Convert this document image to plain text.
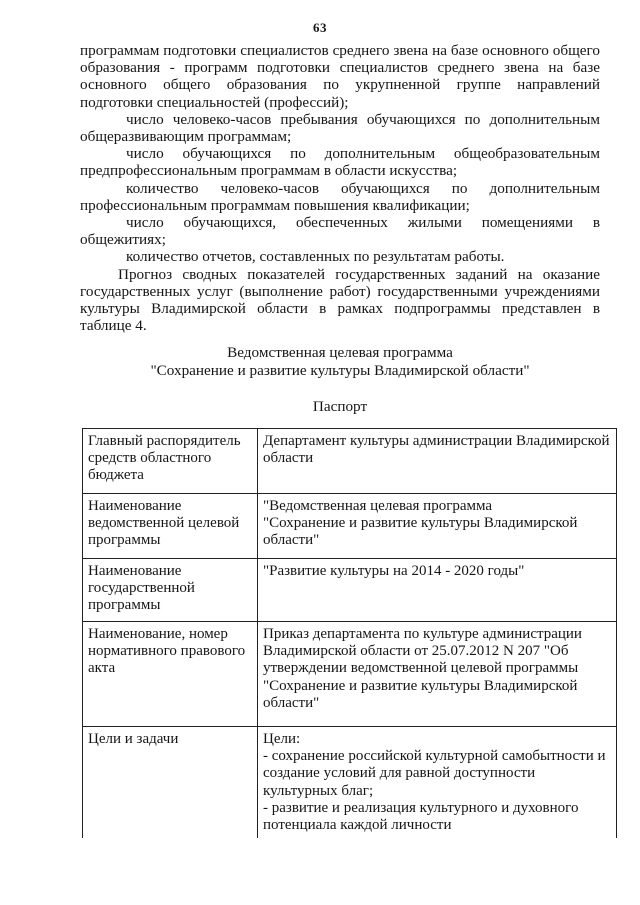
63

программам подготовки специалистов среднего звена на базе основного общего образования - программ подготовки специалистов среднего звена на базе основного общего образования по укрупненной группе направлений подготовки специальностей (профессий);

число человеко-часов пребывания обучающихся по дополнительным общеразвивающим программам;

число обучающихся по дополнительным общеобразовательным предпрофессиональным программам в области искусства;

количество человеко-часов обучающихся по дополнительным профессиональным программам повышения квалификации;

число обучающихся, обеспеченных жилыми помещениями в общежитиях;

количество отчетов, составленных по результатам работы.

Прогноз сводных показателей государственных заданий на оказание государственных услуг (выполнение работ) государственными учреждениями культуры Владимирской области в рамках подпрограммы представлен в таблице 4.

Ведомственная целевая программа
"Сохранение и развитие культуры Владимирской области"
Паспорт
Главный распорядитель средств областного бюджета	Департамент культуры администрации Владимирской области

Наименование ведомственной целевой программы	"Ведомственная целевая программа
"Сохранение и развитие культуры Владимирской области"

Наименование государственной программы	"Развитие культуры на 2014 - 2020 годы"

Наименование, номер нормативного правового акта	Приказ департамента по культуре администрации Владимирской области от 25.07.2012 N 207 "Об утверждении ведомственной целевой программы
"Сохранение и развитие культуры Владимирской области"

Цели и задачи	Цели:
- сохранение российской культурной самобытности и создание условий для равной доступности культурных благ;
- развитие и реализация культурного и духовного потенциала каждой личности
